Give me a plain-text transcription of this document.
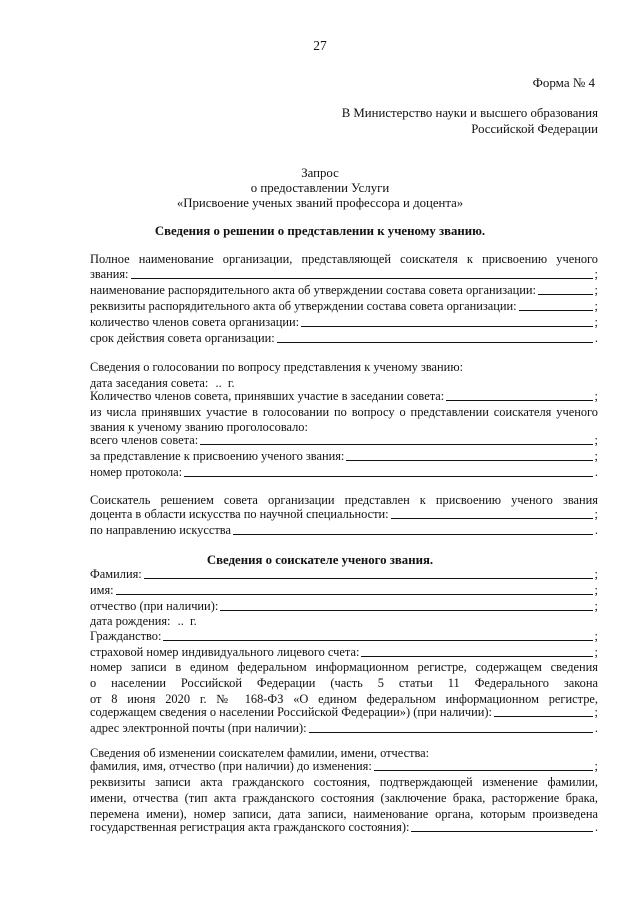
27
Форма № 4
В Министерство науки и высшего образования
Российской Федерации
Запрос
о предоставлении Услуги
«Присвоение ученых званий профессора и доцента»
Сведения о решении о представлении к ученому званию.
Полное наименование организации, представляющей соискателя к присвоению ученого
звания:	;
наименование распорядительного акта об утверждении состава совета организации:	;
реквизиты распорядительного акта об утверждении состава совета организации:	;
количество членов совета организации:	;
срок действия совета организации:	.
Сведения о голосовании по вопросу представления к ученому званию:
дата заседания совета: .. г.
Количество членов совета, принявших участие в заседании совета:	;
из числа принявших участие в голосовании по вопросу о представлении соискателя ученого
звания к ученому званию проголосовало:
всего членов совета:	;
за представление к присвоению ученого звания:	;
номер протокола:	.
Соискатель решением совета организации представлен к присвоению ученого звания
доцента в области искусства по научной специальности:	;
по направлению искусства	.
Сведения о соискателе ученого звания.
Фамилия:	;
имя:	;
отчество (при наличии):	;
дата рождения: .. г.
Гражданство:	;
страховой номер индивидуального лицевого счета:	;
номер записи в едином федеральном информационном регистре, содержащем сведения
о населении Российской Федерации (часть 5 статьи 11 Федерального закона
от 8 июня 2020 г. № 168-ФЗ «О едином федеральном информационном регистре,
содержащем сведения о населении Российской Федерации») (при наличии):	;
адрес электронной почты (при наличии):	.
Сведения об изменении соискателем фамилии, имени, отчества:
фамилия, имя, отчество (при наличии) до изменения:	;
реквизиты записи акта гражданского состояния, подтверждающей изменение фамилии,
имени, отчества (тип акта гражданского состояния (заключение брака, расторжение брака,
перемена имени), номер записи, дата записи, наименование органа, которым произведена
государственная регистрация акта гражданского состояния):	.
